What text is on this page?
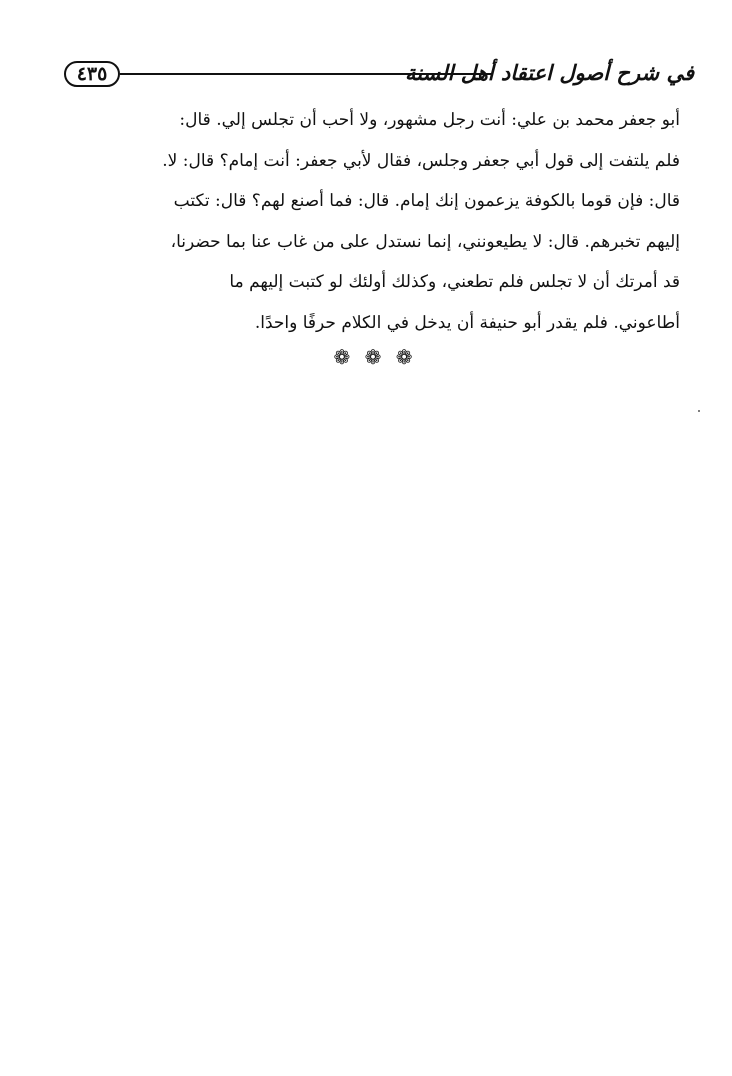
٤٣٥	في شرح أصول اعتقاد أهل السنة
أبو جعفر محمد بن علي: أنت رجل مشهور، ولا أحب أن تجلس إلي. قال:
فلم يلتفت إلى قول أبي جعفر وجلس، فقال لأبي جعفر: أنت إمام؟ قال: لا.
قال: فإن قوما بالكوفة يزعمون إنك إمام. قال: فما أصنع لهم؟ قال: تكتب
إليهم تخبرهم. قال: لا يطيعونني، إنما نستدل على من غاب عنا بما حضرنا،
قد أمرتك أن لا تجلس فلم تطعني، وكذلك أولئك لو كتبت إليهم ما
أطاعوني. فلم يقدر أبو حنيفة أن يدخل في الكلام حرفًا واحدًا.
❁ ❁ ❁
